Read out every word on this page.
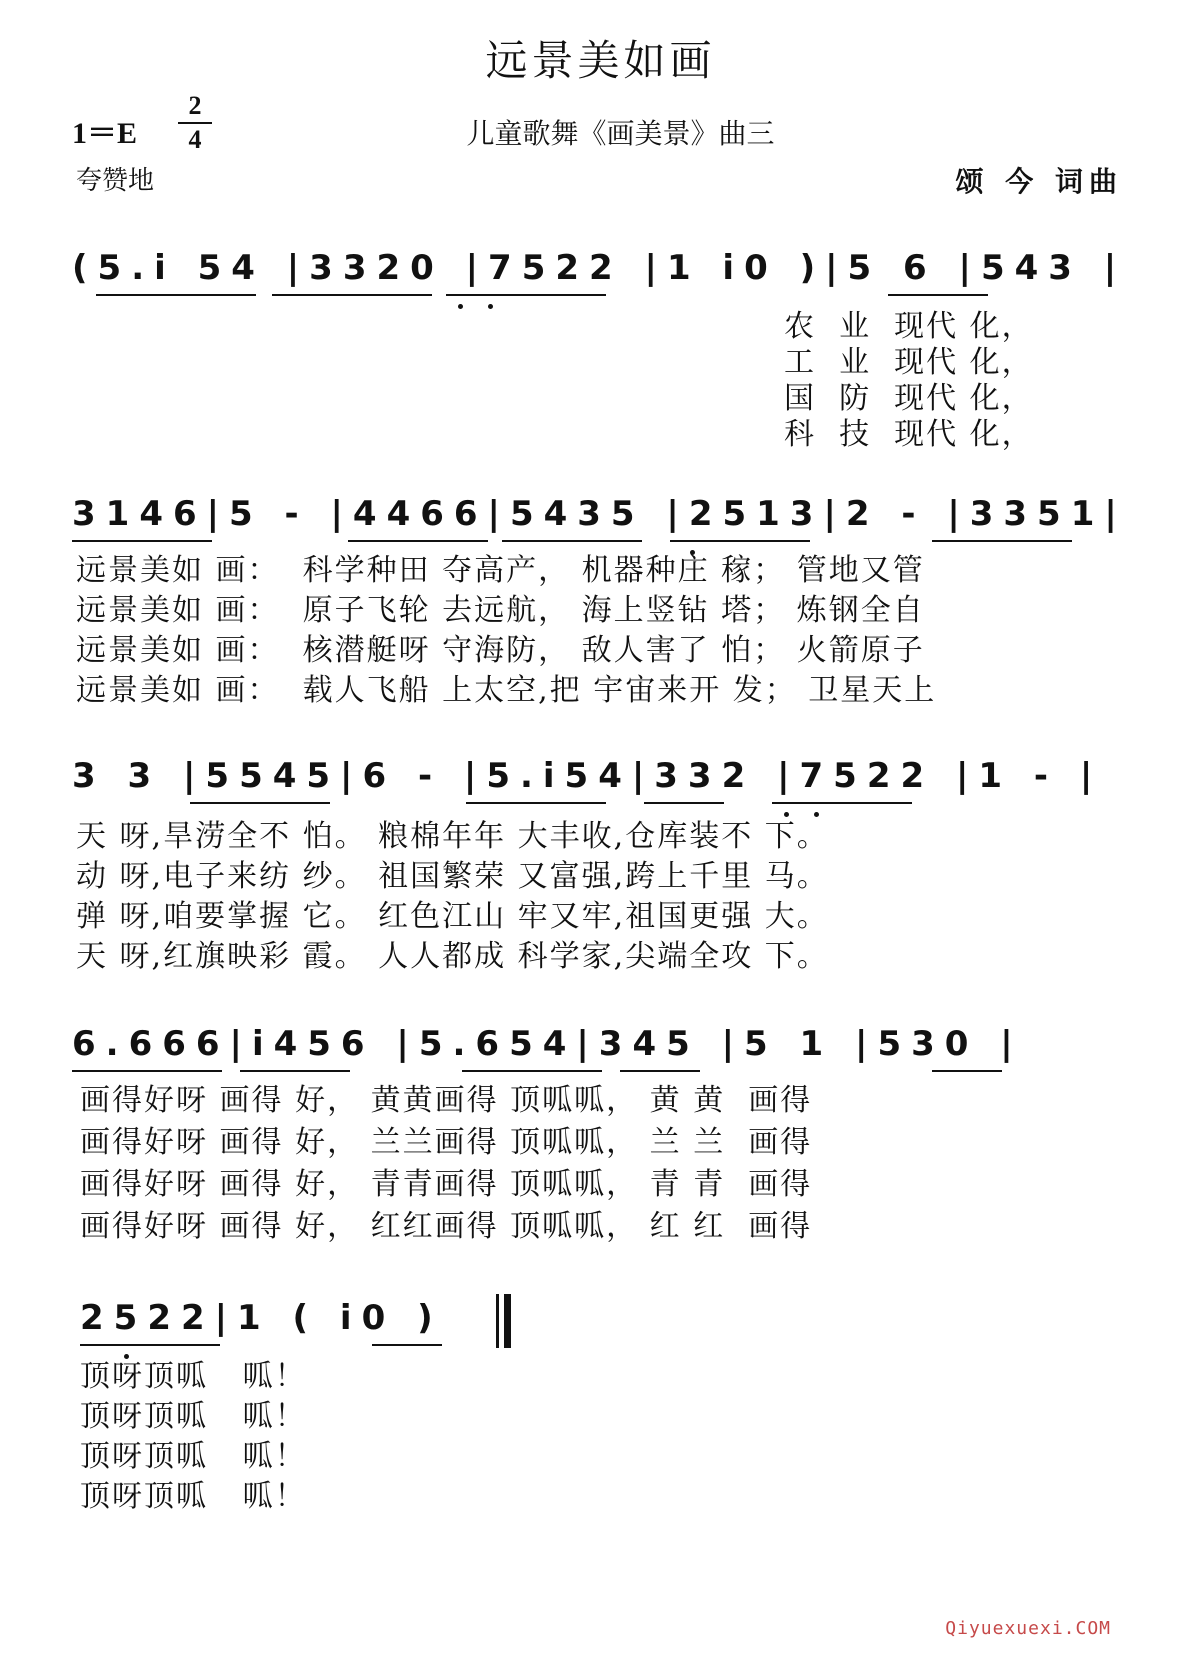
远景美如画
1＝E
2
4	儿童歌舞《画美景》曲三
夸赞地	颂 今 词曲
(5.i 54 |3320 |7522 |1 i0 )|5 6 |543 |
农  业  现代 化，
工  业  现代 化，
国  防  现代 化，
科  技  现代 化，
3146|5 - |4466|5435 |2513|2 - |3351|
远景美如 画：  科学种田 夺高产， 机器种庄 稼； 管地又管
远景美如 画：  原子飞轮 去远航， 海上竖钻 塔； 炼钢全自
远景美如 画：  核潜艇呀 守海防， 敌人害了 怕； 火箭原子
远景美如 画：  载人飞船 上太空,把 宇宙来开 发； 卫星天上
3 3 |5545|6 - |5.i54|332 |7522 |1 - |
天 呀,旱涝全不 怕。 粮棉年年 大丰收,仓库装不 下。
动 呀,电子来纺 纱。 祖国繁荣 又富强,跨上千里 马。
弹 呀,咱要掌握 它。 红色江山 牢又牢,祖国更强 大。
天 呀,红旗映彩 霞。 人人都成 科学家,尖端全攻 下。
6.666|i456 |5.654|345 |5 1 |530 |
画得好呀 画得 好， 黄黄画得 顶呱呱， 黄 黄  画得
画得好呀 画得 好， 兰兰画得 顶呱呱， 兰 兰  画得
画得好呀 画得 好， 青青画得 顶呱呱， 青 青  画得
画得好呀 画得 好， 红红画得 顶呱呱， 红 红  画得
2522|1 ( i0 )
顶呀顶呱   呱！
顶呀顶呱   呱！
顶呀顶呱   呱！
顶呀顶呱   呱！
Qiyuexuexi.COM
